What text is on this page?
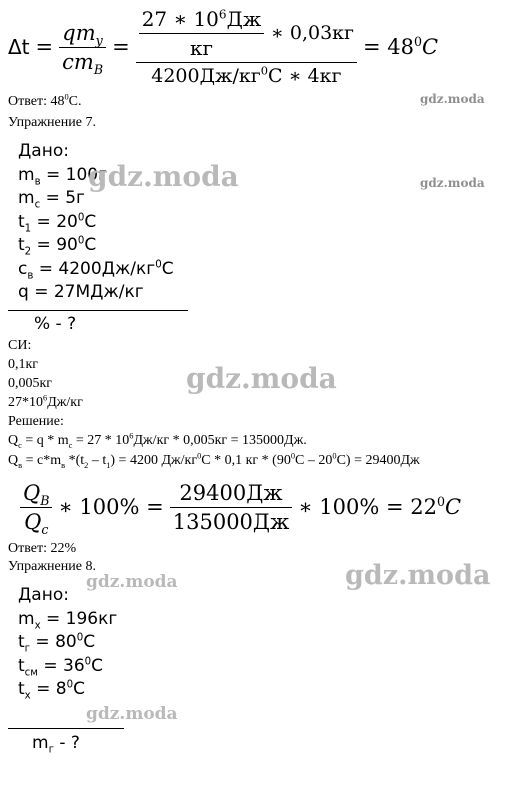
$\Delta t = \frac{qm_у}{cm_В} = \frac{\frac{27 ∗ 10^6Дж}{кг} ∗ 0,03кг}{4200Дж/кг^0С ∗ 4кг} = 48^0C$
Ответ: $48^0С$.	gdz.moda
Упражнение 7.
Дано:
$m_в = 100г$
$m_c = 5г$
$t_1 = 20^0С$
$t_2 = 90^0С$
$c_в = 4200Дж/кг^0С$
q = 27МДж/кг
% - ?
gdz.moda	gdz.moda
СИ:
0,1кг
0,005кг
$27*10^6Дж/кг$
gdz.moda
Решение:
$Q_c = q * m_c = 27 * 10^6Дж/кг * 0,005кг = 135000Дж$.
$Q_в = c*m_в$ $*(t_2 - t_1) = 4200$ $Дж/кг^0С * 0,1$ кг * $(90^0С - 20^0С) = 29400Дж$
$\frac{Q_B}{Q_c}$ ∗ $100\% = \frac{29400Дж}{135000Дж}$ ∗ $100\% = 22^0C$
Ответ: 22%
Упражнение 8.
gdz.moda	gdz.moda
Дано:
$m_x = 196кг$
$t_г = 80^0С$
$t_{см} = 36^0С$
$t_x = 8^0С$
gdz.moda
$m_г$ - ?
